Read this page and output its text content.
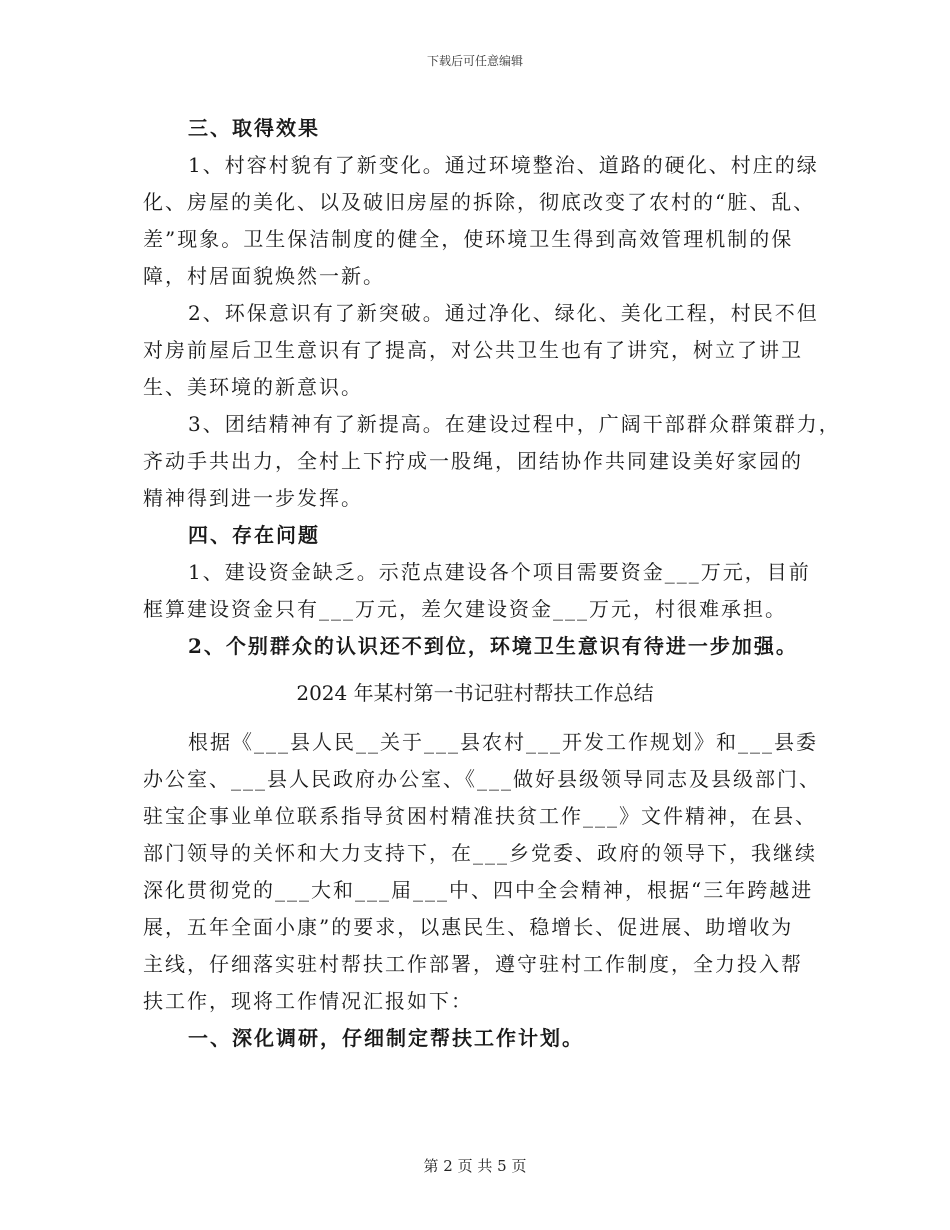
下载后可任意编辑

三、取得效果

1、村容村貌有了新变化。通过环境整治、道路的硬化、村庄的绿

化、房屋的美化、以及破旧房屋的拆除，彻底改变了农村的“脏、乱、

差”现象。卫生保洁制度的健全，使环境卫生得到高效管理机制的保

障，村居面貌焕然一新。

2、环保意识有了新突破。通过净化、绿化、美化工程，村民不但

对房前屋后卫生意识有了提高，对公共卫生也有了讲究，树立了讲卫

生、美环境的新意识。

3、团结精神有了新提高。在建设过程中，广阔干部群众群策群力，

齐动手共出力，全村上下拧成一股绳，团结协作共同建设美好家园的

精神得到进一步发挥。

四、存在问题

1、建设资金缺乏。示范点建设各个项目需要资金___万元，目前

框算建设资金只有___万元，差欠建设资金___万元，村很难承担。

2、个别群众的认识还不到位，环境卫生意识有待进一步加强。

2024 年某村第一书记驻村帮扶工作总结

根据《___县人民__关于___县农村___开发工作规划》和___县委

办公室、___县人民政府办公室、《___做好县级领导同志及县级部门、

驻宝企事业单位联系指导贫困村精准扶贫工作___》文件精神，在县、

部门领导的关怀和大力支持下，在___乡党委、政府的领导下，我继续

深化贯彻党的___大和___届___中、四中全会精神，根据“三年跨越进

展，五年全面小康”的要求，以惠民生、稳增长、促进展、助增收为

主线，仔细落实驻村帮扶工作部署，遵守驻村工作制度，全力投入帮

扶工作，现将工作情况汇报如下：

一、深化调研，仔细制定帮扶工作计划。

第 2 页 共 5 页
